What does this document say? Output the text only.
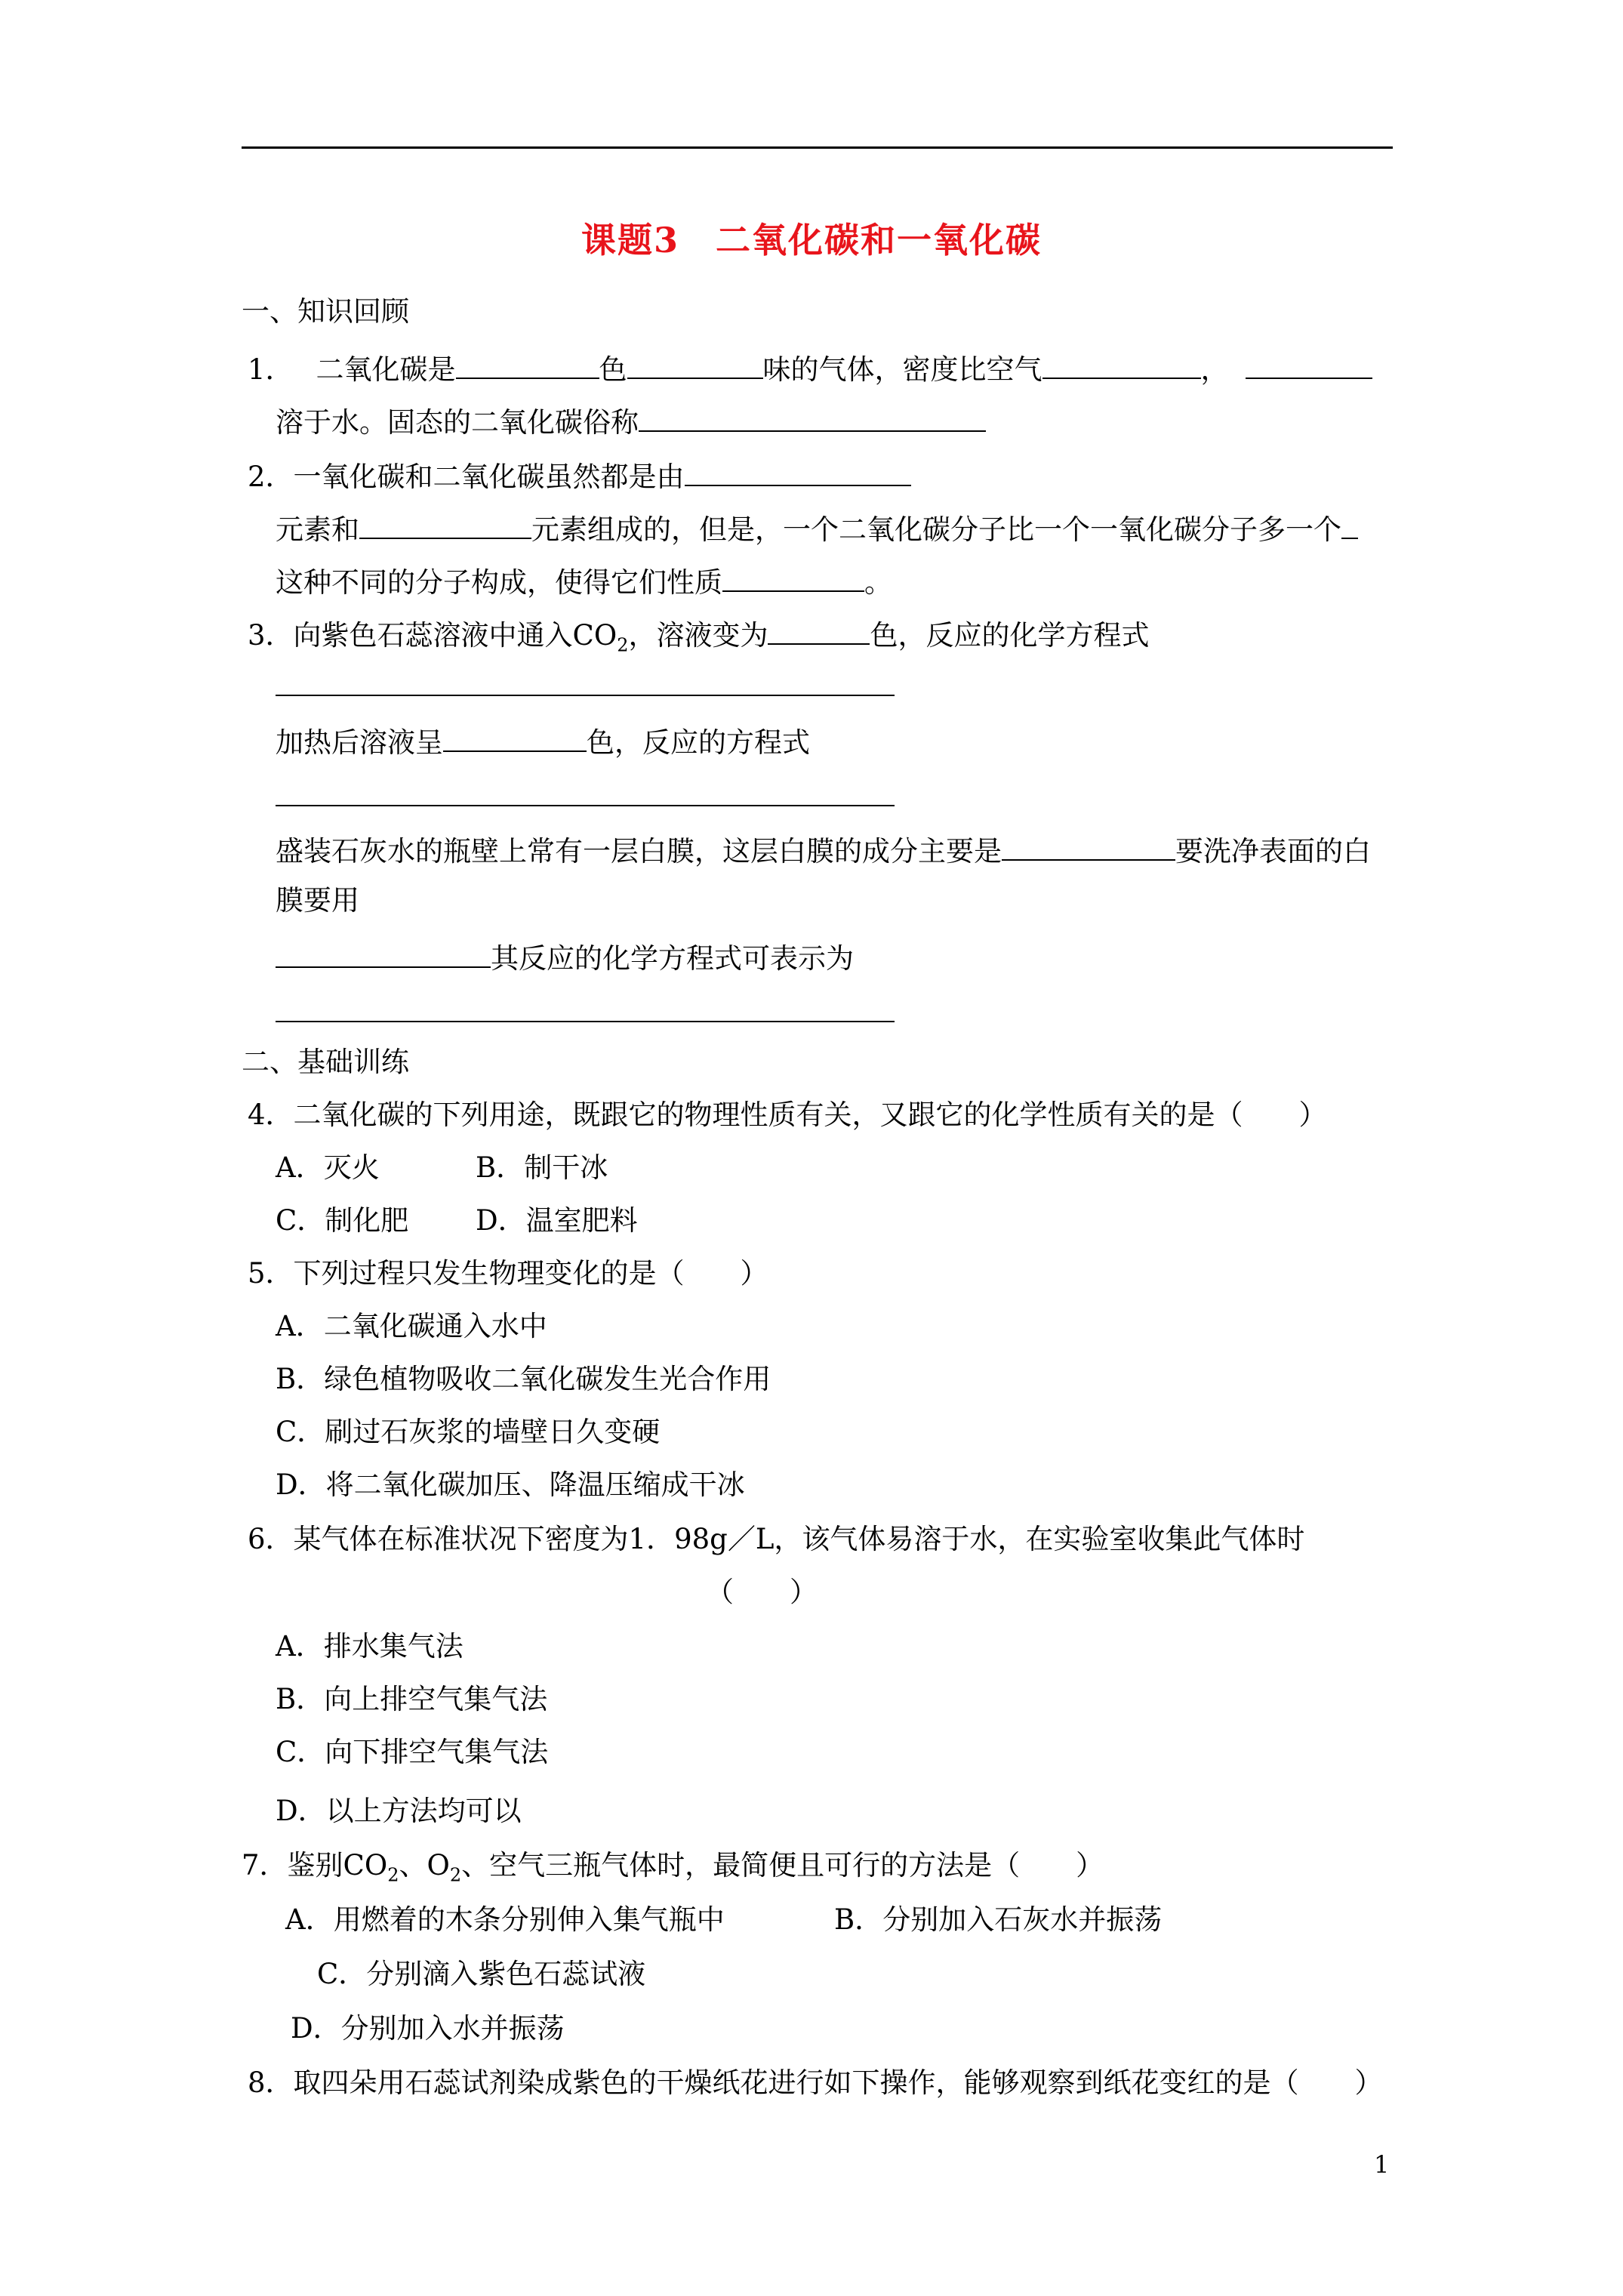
课题3　二氧化碳和一氧化碳
一、知识回顾
1． 二氧化碳是	色	味的气体，密度比空气	，
溶于水。固态的二氧化碳俗称
2．一氧化碳和二氧化碳虽然都是由
元素和	元素组成的，但是，一个二氧化碳分子比一个一氧化碳分子多一个
这种不同的分子构成，使得它们性质	。
3．向紫色石蕊溶液中通入$CO_2$，溶液变为	色，反应的化学方程式
加热后溶液呈	色，反应的方程式
盛装石灰水的瓶壁上常有一层白膜，这层白膜的成分主要是	要洗净表面的白
膜要用
其反应的化学方程式可表示为
二、基础训练
4．二氧化碳的下列用途，既跟它的物理性质有关，又跟它的化学性质有关的是（　　）
A．灭火	B．制干冰
C．制化肥 D．温室肥料
5．下列过程只发生物理变化的是（　　）
A．二氧化碳通入水中
B．绿色植物吸收二氧化碳发生光合作用
C．刷过石灰浆的墙壁日久变硬
D．将二氧化碳加压、降温压缩成干冰
6．某气体在标准状况下密度为1．98g／L，该气体易溶于水，在实验室收集此气体时
（　　）
A．排水集气法
B．向上排空气集气法
C．向下排空气集气法
D．以上方法均可以
7．鉴别$CO_2$、$O_2$、空气三瓶气体时，最简便且可行的方法是（　　）
A．用燃着的木条分别伸入集气瓶中	B．分别加入石灰水并振荡
C．分别滴入紫色石蕊试液
D．分别加入水并振荡
8．取四朵用石蕊试剂染成紫色的干燥纸花进行如下操作，能够观察到纸花变红的是（　　）
1
